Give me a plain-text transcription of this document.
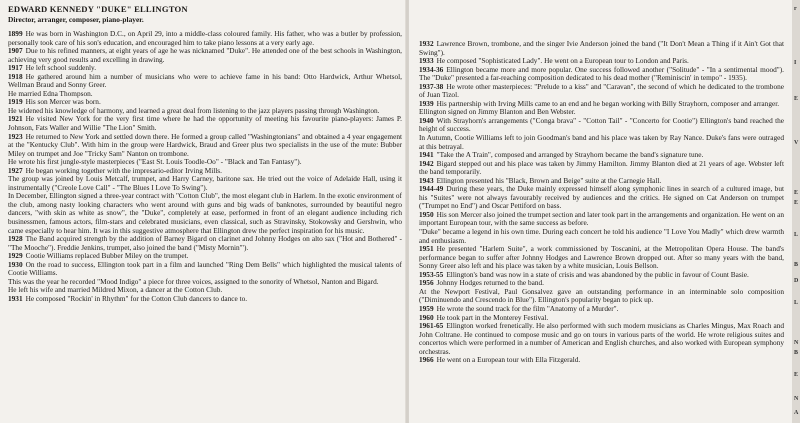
EDWARD KENNEDY "DUKE" ELLINGTON
Director, arranger, composer, piano-player.

1899 He was born in Washington D.C., on April 29, into a middle-class coloured family. His father, who was a butler by profession, personally took care of his son's education, and encouraged him to take piano lessons at a very early age.

1907 Due to his refined manners, at eight years of age he was nicknamed "Duke". He attended one of the best schools in Washington, achieving very good results and excelling in drawing.

1917 He left school suddenly.

1918 He gathered around him a number of musicians who were to achieve fame in his band: Otto Hardwick, Arthur Whetsol, Wellman Braud and Sonny Greer.

He married Edna Thompson.

1919 His son Mercer was born.

He widened his knowledge of harmony, and learned a great deal from listening to the jazz players passing through Washington.

1921 He visited New York for the very first time where he had the opportunity of meeting his favourite piano-players: James P. Johnson, Fats Waller and Willie "The Lion" Smith.

1923 He returned to New York and settled down there. He formed a group called "Washingtonians" and obtained a 4 year engagement at the "Kentucky Club". With him in the group were Hardwick, Braud and Greer plus two specialists in the use of the mute: Bubber Miley on trumpet and Joe "Tricky Sam" Nanton on trombone.

He wrote his first jungle-style masterpieces ("East St. Louis Toodle-Oo" - "Black and Tan Fantasy").

1927 He began working together with the impresario-editor Irving Mills.

The group was joined by Louis Metcalf, trumpet, and Harry Carney, baritone sax. He tried out the voice of Adelaide Hall, using it instrumentally ("Creole Love Call" - "The Blues I Love To Swing").

In December, Ellington signed a three-year contract with "Cotton Club", the most elegant club in Harlem. In the exotic environment of the club, among nasty looking characters who went around with guns and big wads of banknotes, surrounded by beautiful negro dancers, "with skin as white as snow", the "Duke", completely at ease, performed in front of an elegant audience including rich businessmen, famous actors, film-stars and celebrated musicians, even classical, such as Stravinsky, Stokowsky and Gershwin, who came especially to hear him. It was in this suggestive atmosphere that Ellington drew the perfect inspiration for his music.

1928 The Band acquired strength by the addition of Barney Bigard on clarinet and Johnny Hodges on alto sax ("Hot and Bothered" - "The Mooche"). Freddie Jenkins, trumpet, also joined the band ("Misty Mornin'").

1929 Cootie Williams replaced Bubber Miley on the trumpet.

1930 On the road to success, Ellington took part in a film and launched "Ring Dem Bells" which highlighted the musical talents of Cootie Williams.

This was the year he recorded "Mood Indigo" a piece for three voices, assigned to the sonority of Whetsol, Nanton and Bigard.

He left his wife and married Mildred Mixon, a dancer at the Cotton Club.

1931 He composed "Rockin' in Rhythm" for the Cotton Club dancers to dance to.

1932 Lawrence Brown, trombone, and the singer Ivie Anderson joined the band ("It Don't Mean a Thing if it Ain't Got that Swing").

1933 He composed "Sophisticated Lady". He went on a European tour to London and Paris.

1934-36 Ellington became more and more popular. One success followed another ("Solitude" - "In a sentimental mood"). The "Duke" presented a far-reaching composition dedicated to his dead mother ("Reminiscin' in tempo" - 1935).

1937-38 He wrote other masterpieces: "Prelude to a kiss" and "Caravan", the second of which he dedicated to the trombone of Juan Tizol.

1939 His partnership with Irving Mills came to an end and he began working with Billy Strayhorn, composer and arranger.

Ellington signed on Jimmy Blanton and Ben Webster.

1940 With Strayhorn's arrangements ("Conga brava" - "Cotton Tail" - "Concerto for Cootie") Ellington's band reached the height of success.

In Autumn, Cootie Williams left to join Goodman's band and his place was taken by Ray Nance. Duke's fans were outraged at this betrayal.

1941 "Take the A Train", composed and arranged by Strayhorn became the band's signature tune.

1942 Bigard stepped out and his place was taken by Jimmy Hamilton. Jimmy Blanton died at 21 years of age. Webster left the band temporarily.

1943 Ellington presented his "Black, Brown and Beige" suite at the Carnegie Hall.

1944-49 During these years, the Duke mainly expressed himself along symphonic lines in search of a cultured image, but his "Suites" were not always favourably received by audiences and the critics. He signed on Cat Anderson on trumpet ("Trumpet no End") and Oscar Pettiford on bass.

1950 His son Mercer also joined the trumpet section and later took part in the arrangements and organization. He went on an important European tour, with the same success as before.

"Duke" became a legend in his own time. During each concert he told his audience "I Love You Madly" which drew warmth and enthusiasm.

1951 He presented "Harlem Suite", a work commissioned by Toscanini, at the Metropolitan Opera House. The band's performance began to suffer after Johnny Hodges and Lawrence Brown dropped out. After so many years with the band, Sonny Greer also left and his place was taken by a white musician, Louis Bellson.

1953-55 Ellington's band was now in a state of crisis and was abandoned by the public in favour of Count Basie.

1956 Johnny Hodges returned to the band.

At the Newport Festival, Paul Gonsalvez gave an outstanding performance in an interminable solo composition ("Diminuendo and Crescendo in Blue"). Ellington's popularity began to pick up.

1959 He wrote the sound track for the film "Anatomy of a Murder".

1960 He took part in the Monterey Festival.

1961-65 Ellington worked frenetically. He also performed with such modern musicians as Charles Mingus, Max Roach and John Coltrane. He continued to compose music and go on tours in various parts of the world. He wrote religious suites and concertos which were performed in a number of American and English churches, and also worked with European symphony orchestras.

1966 He went on a European tour with Ella Fitzgerald.

r
I
E
V
E
E
L
B
D
L
N
B
E
N
A
